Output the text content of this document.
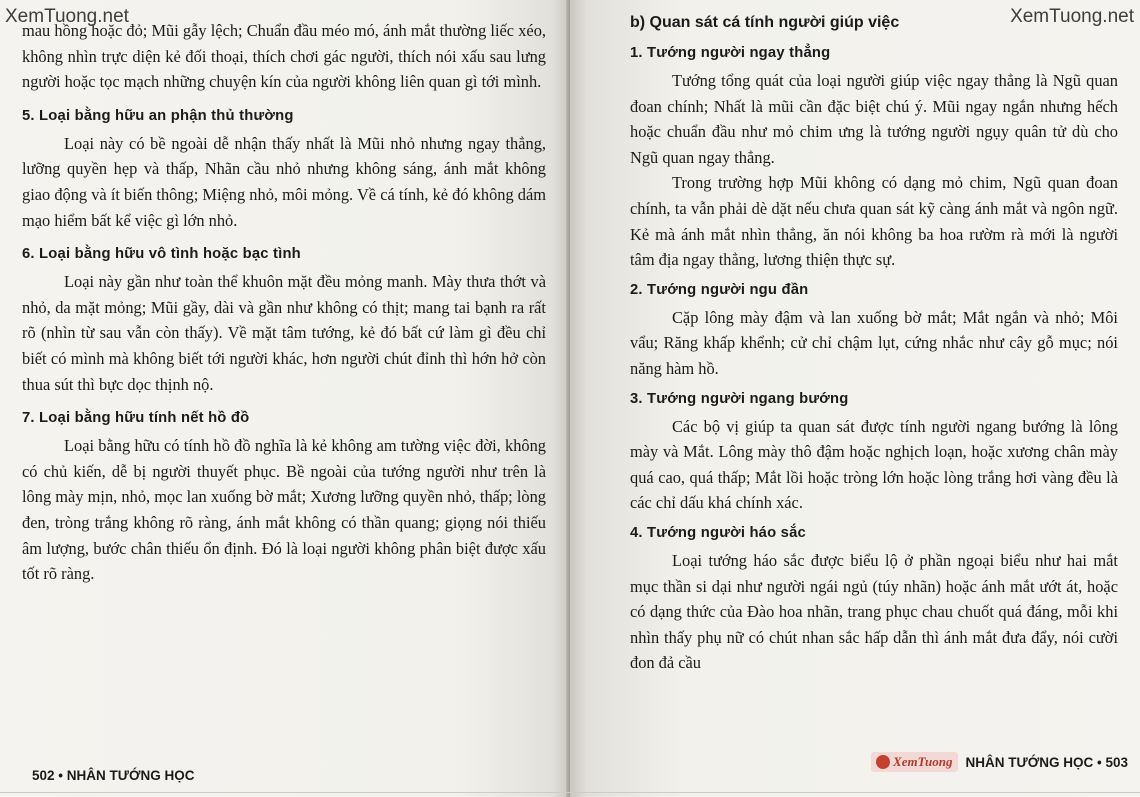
XemTuong.net

mau hồng hoặc đỏ; Mũi gẫy lệch; Chuẩn đầu méo mó, ánh mắt thường liếc xéo, không nhìn trực diện kẻ đối thoại, thích chơi gác người, thích nói xấu sau lưng người hoặc tọc mạch những chuyện kín của người không liên quan gì tới mình.

5. Loại bằng hữu an phận thủ thường

Loại này có bề ngoài dễ nhận thấy nhất là Mũi nhỏ nhưng ngay thẳng, lưỡng quyền hẹp và thấp, Nhãn cầu nhỏ nhưng không sáng, ánh mắt không giao động và ít biến thông; Miệng nhỏ, môi mỏng. Về cá tính, kẻ đó không dám mạo hiểm bất kể việc gì lớn nhỏ.

6. Loại bằng hữu vô tình hoặc bạc tình

Loại này gần như toàn thể khuôn mặt đều mỏng manh. Mày thưa thớt và nhỏ, da mặt mỏng; Mũi gầy, dài và gần như không có thịt; mang tai bạnh ra rất rõ (nhìn từ sau vẫn còn thấy). Về mặt tâm tướng, kẻ đó bất cứ làm gì đều chỉ biết có mình mà không biết tới người khác, hơn người chút đỉnh thì hớn hở còn thua sút thì bực dọc thịnh nộ.

7. Loại bằng hữu tính nết hồ đồ

Loại bằng hữu có tính hồ đồ nghĩa là kẻ không am tường việc đời, không có chủ kiến, dễ bị người thuyết phục. Bề ngoài của tướng người như trên là lông mày mịn, nhỏ, mọc lan xuống bờ mắt; Xương lưỡng quyền nhỏ, thấp; lòng đen, tròng trắng không rõ ràng, ánh mắt không có thần quang; giọng nói thiếu âm lượng, bước chân thiếu ổn định. Đó là loại người không phân biệt được xấu tốt rõ ràng.

502 • NHÂN TƯỚNG HỌC
XemTuong.net
b) Quan sát cá tính người giúp việc
1. Tướng người ngay thẳng

Tướng tổng quát của loại người giúp việc ngay thẳng là Ngũ quan đoan chính; Nhất là mũi cần đặc biệt chú ý. Mũi ngay ngắn nhưng hếch hoặc chuẩn đầu như mỏ chim ưng là tướng người ngụy quân tử dù cho Ngũ quan ngay thẳng.

Trong trường hợp Mũi không có dạng mỏ chim, Ngũ quan đoan chính, ta vẫn phải dè dặt nếu chưa quan sát kỹ càng ánh mắt và ngôn ngữ. Kẻ mà ánh mắt nhìn thẳng, ăn nói không ba hoa rườm rà mới là người tâm địa ngay thẳng, lương thiện thực sự.

2. Tướng người ngu đần

Cặp lông mày đậm và lan xuống bờ mắt; Mắt ngắn và nhỏ; Môi vẩu; Răng khấp khểnh; cử chỉ chậm lụt, cứng nhắc như cây gỗ mục; nói năng hàm hồ.

3. Tướng người ngang bướng

Các bộ vị giúp ta quan sát được tính người ngang bướng là lông mày và Mắt. Lông mày thô đậm hoặc nghịch loạn, hoặc xương chân mày quá cao, quá thấp; Mắt lồi hoặc tròng lớn hoặc lòng trắng hơi vàng đều là các chỉ dấu khá chính xác.

4. Tướng người háo sắc

Loại tướng háo sắc được biểu lộ ở phần ngoại biểu như hai mắt mục thần si dại như người ngái ngủ (túy nhãn) hoặc ánh mắt ướt át, hoặc có dạng thức của Đào hoa nhãn, trang phục chau chuốt quá đáng, mỗi khi nhìn thấy phụ nữ có chút nhan sắc hấp dẫn thì ánh mắt đưa đẩy, nói cười đon đả cầu

XemTuong NHÂN TƯỚNG HỌC • 503
